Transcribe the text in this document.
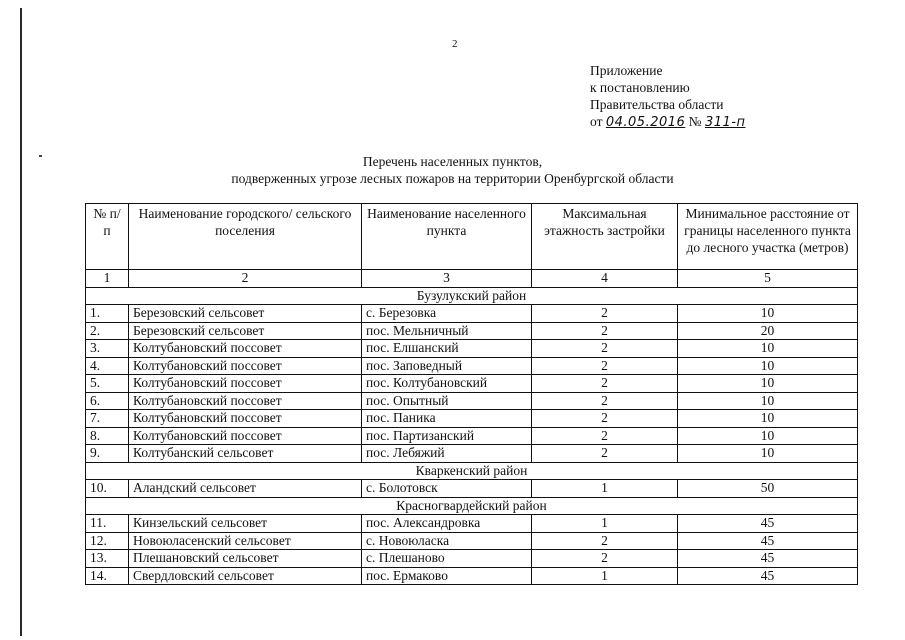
2
Приложение
к постановлению
Правительства области
от 04.05.2016 № 311-п
Перечень населенных пунктов,
подверженных угрозе лесных пожаров на территории Оренбургской области
№ п/п	Наименование городского/ сельского поселения	Наименование населенного пункта	Максимальная этажность застройки	Минимальное расстояние от границы населенного пункта до лесного участка (метров)
1	2	3	4	5
Бузулукский район				
1.	Березовский сельсовет	с. Березовка	2	10
2.	Березовский сельсовет	пос. Мельничный	2	20
3.	Колтубановский поссовет	пос. Елшанский	2	10
4.	Колтубановский поссовет	пос. Заповедный	2	10
5.	Колтубановский поссовет	пос. Колтубановский	2	10
6.	Колтубановский поссовет	пос. Опытный	2	10
7.	Колтубановский поссовет	пос. Паника	2	10
8.	Колтубановский поссовет	пос. Партизанский	2	10
9.	Колтубанский сельсовет	пос. Лебяжий	2	10
Кваркенский район				
10.	Аландский сельсовет	с. Болотовск	1	50
Красногвардейский район				
11.	Кинзельский сельсовет	пос. Александровка	1	45
12.	Новоюласенский сельсовет	с. Новоюласка	2	45
13.	Плешановский сельсовет	с. Плешаново	2	45
14.	Свердловский сельсовет	пос. Ермаково	1	45
